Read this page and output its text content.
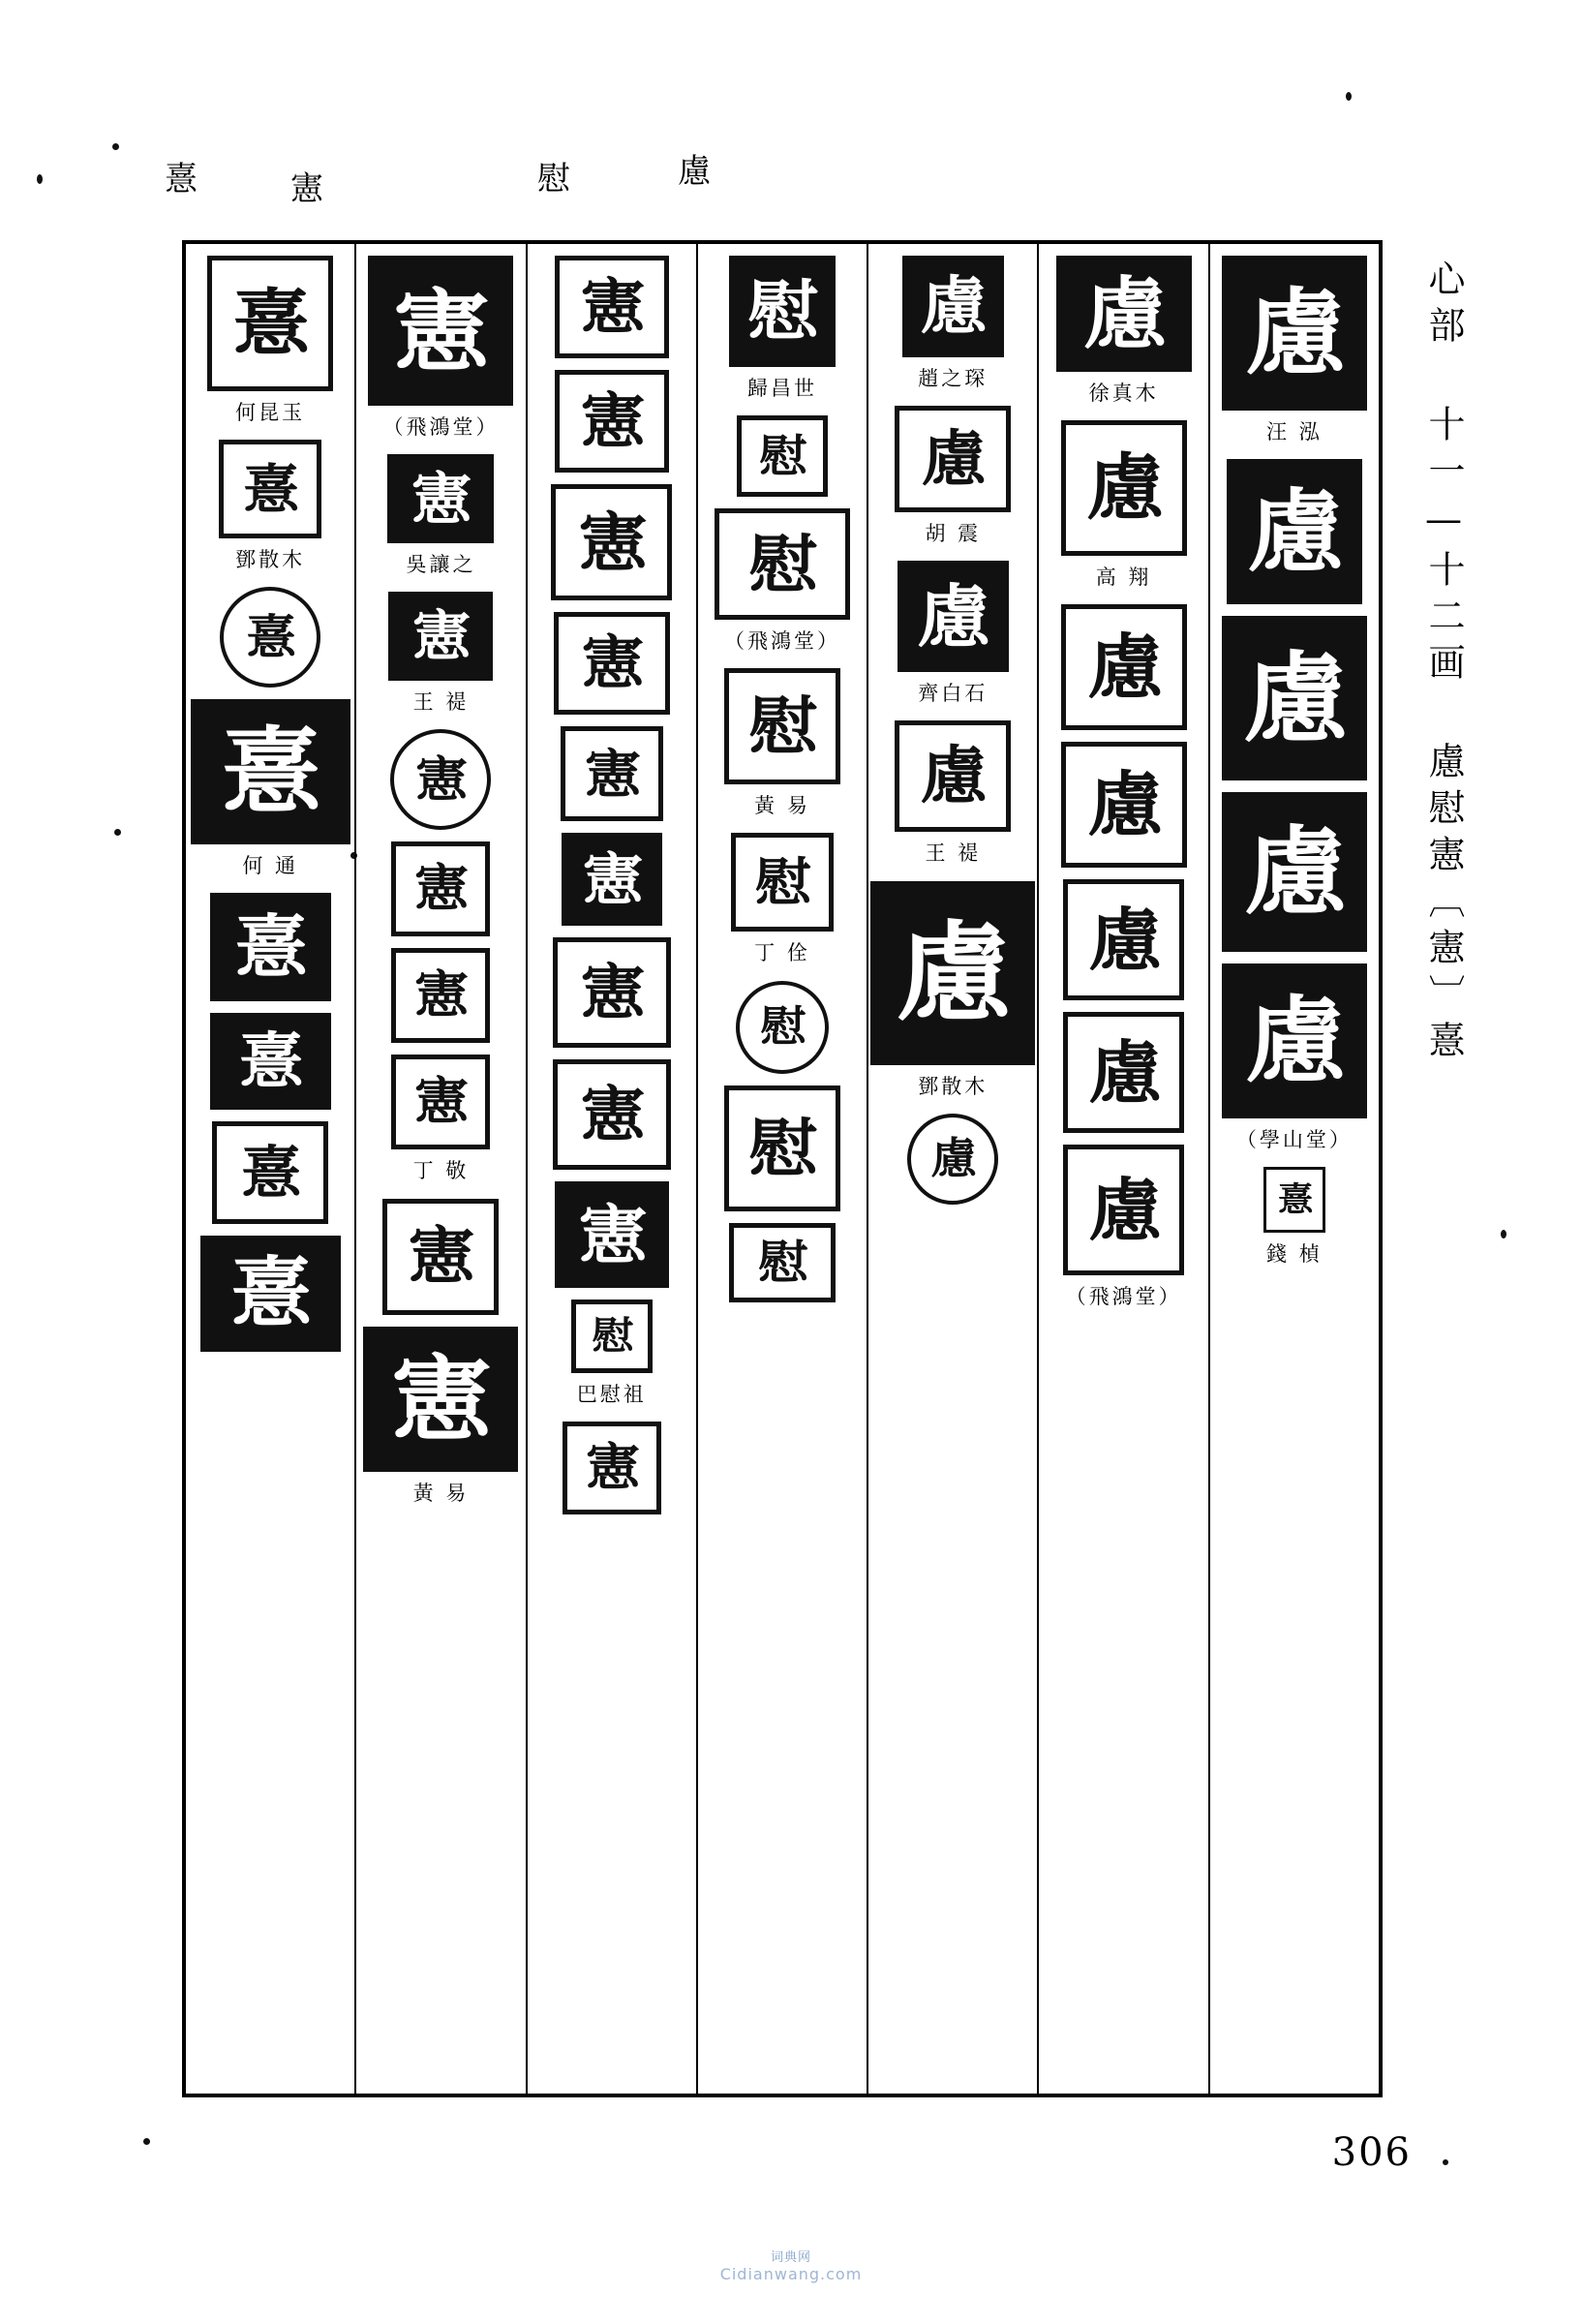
憙	憲	慰	慮
慮
汪 泓
慮
慮
慮
慮
（學山堂）
憙
錢 楨
慮
徐真木
慮
高 翔
慮
慮
慮
慮
慮
（飛鴻堂）
慮
趙之琛
慮
胡 震
慮
齊白石
慮
王 禔
慮
鄧散木
慮
慰
歸昌世
慰
慰
（飛鴻堂）
慰
黃 易
慰
丁 佺
慰
慰
慰
憲
憲
憲
憲
憲
憲
憲
憲
憲
慰
巴慰祖
憲
憲
（飛鴻堂）
憲
吳讓之
憲
王 禔
憲
憲
憲
憲
丁 敬
憲
憲
黃 易
憙
何昆玉
憙
鄧散木
憙
憙
何 通
憙
憙
憙
憙
心部 十一—十二画 慮慰憲〔憲〕憙
306
词典网
Cidianwang.com
